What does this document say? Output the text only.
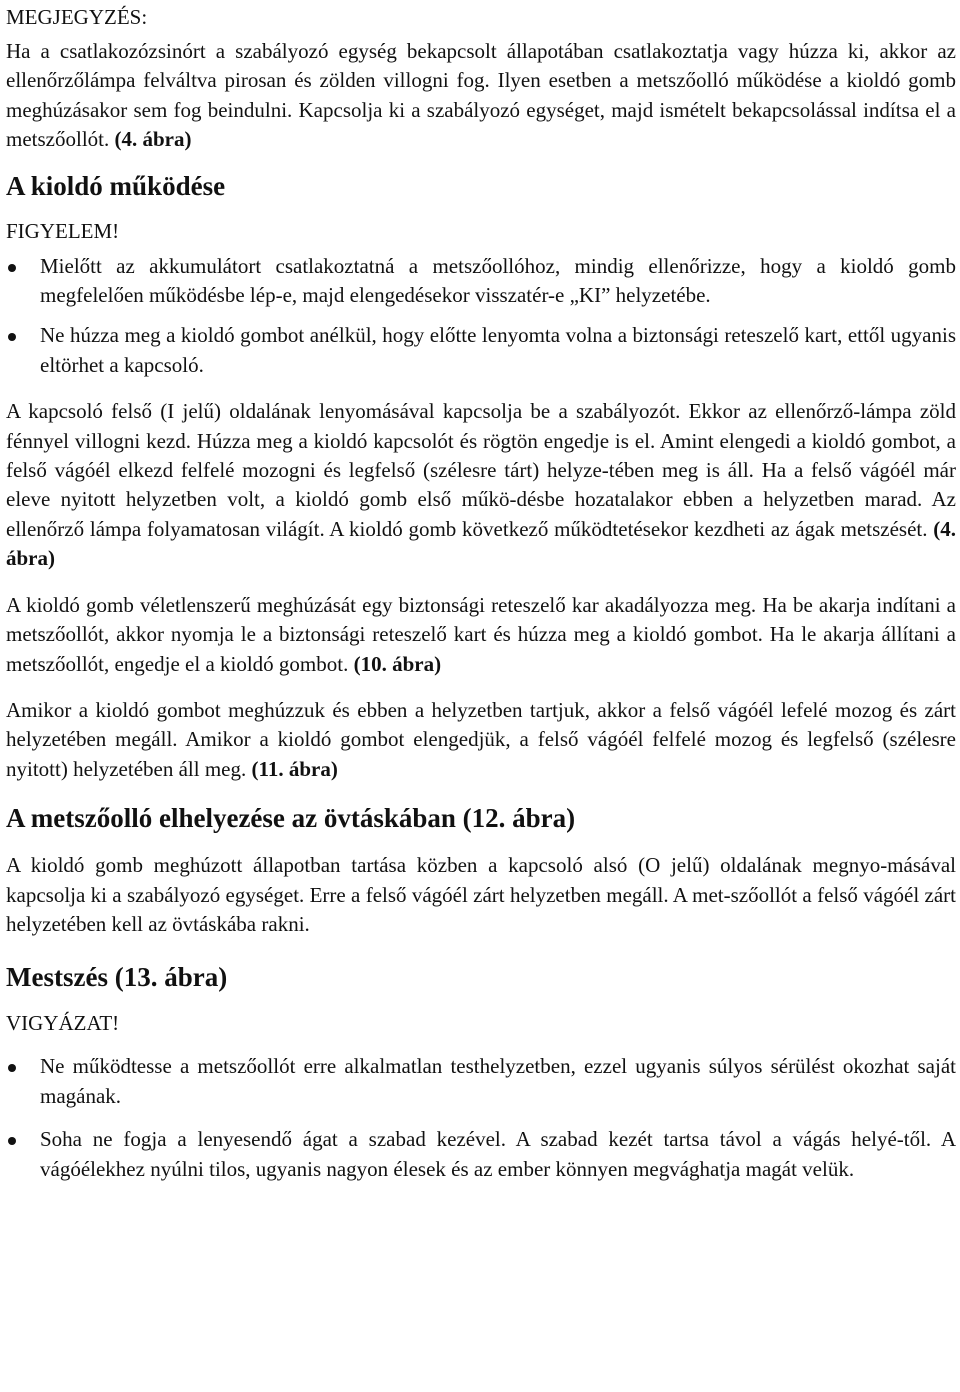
MEGJEGYZÉS:

Ha a csatlakozózsinórt a szabályozó egység bekapcsolt állapotában csatlakoztatja vagy húzza ki, akkor az ellenőrzőlámpa felváltva pirosan és zölden villogni fog. Ilyen esetben a metszőolló működése a kioldó gomb meghúzásakor sem fog beindulni. Kapcsolja ki a szabályozó egységet, majd ismételt bekapcsolással indítsa el a metszőollót. (4. ábra)

A kioldó működése

FIGYELEM!

Mielőtt az akkumulátort csatlakoztatná a metszőollóhoz, mindig ellenőrizze, hogy a kioldó gomb megfelelően működésbe lép-e, majd elengedésekor visszatér-e „KI” helyzetébe.

Ne húzza meg a kioldó gombot anélkül, hogy előtte lenyomta volna a biztonsági reteszelő kart, ettől ugyanis eltörhet a kapcsoló.

A kapcsoló felső (I jelű) oldalának lenyomásával kapcsolja be a szabályozót. Ekkor az ellenőrző-lámpa zöld fénnyel villogni kezd. Húzza meg a kioldó kapcsolót és rögtön engedje is el. Amint elengedi a kioldó gombot, a felső vágóél elkezd felfelé mozogni és legfelső (szélesre tárt) helyze-tében meg is áll. Ha a felső vágóél már eleve nyitott helyzetben volt, a kioldó gomb első műkö-désbe hozatalakor ebben a helyzetben marad. Az ellenőrző lámpa folyamatosan világít. A kioldó gomb következő működtetésekor kezdheti az ágak metszését. (4. ábra)

A kioldó gomb véletlenszerű meghúzását egy biztonsági reteszelő kar akadályozza meg. Ha be akarja indítani a metszőollót, akkor nyomja le a biztonsági reteszelő kart és húzza meg a kioldó gombot. Ha le akarja állítani a metszőollót, engedje el a kioldó gombot. (10. ábra)

Amikor a kioldó gombot meghúzzuk és ebben a helyzetben tartjuk, akkor a felső vágóél lefelé mozog és zárt helyzetében megáll. Amikor a kioldó gombot elengedjük, a felső vágóél felfelé mozog és legfelső (szélesre nyitott) helyzetében áll meg. (11. ábra)

A metszőolló elhelyezése az övtáskában (12. ábra)

A kioldó gomb meghúzott állapotban tartása közben a kapcsoló alsó (O jelű) oldalának megnyo-másával kapcsolja ki a szabályozó egységet. Erre a felső vágóél zárt helyzetben megáll. A met-szőollót a felső vágóél zárt helyzetében kell az övtáskába rakni.

Mestszés (13. ábra)

VIGYÁZAT!

Ne működtesse a metszőollót erre alkalmatlan testhelyzetben, ezzel ugyanis súlyos sérülést okozhat saját magának.

Soha ne fogja a lenyesendő ágat a szabad kezével. A szabad kezét tartsa távol a vágás helyé-től. A vágóélekhez nyúlni tilos, ugyanis nagyon élesek és az ember könnyen megvághatja magát velük.
